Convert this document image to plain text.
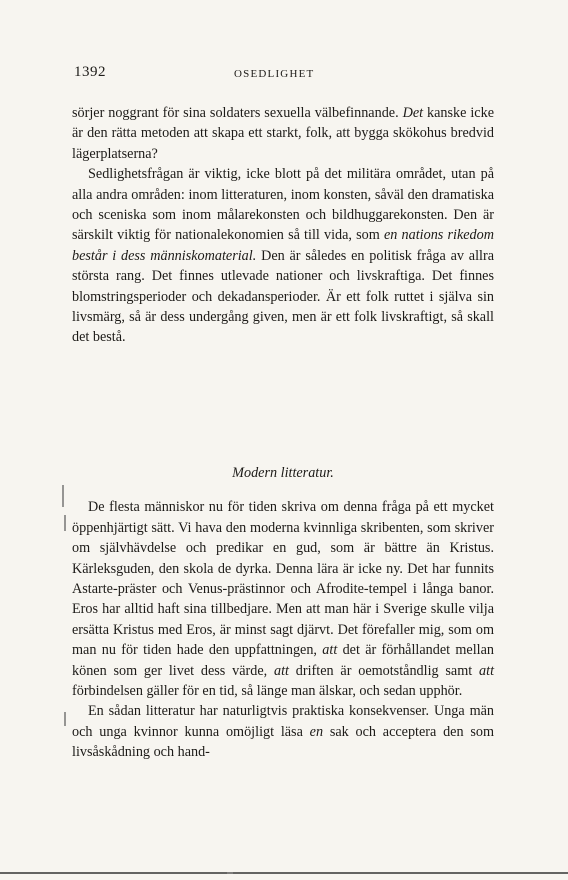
1392	OSEDLIGHET

sörjer noggrant för sina soldaters sexuella välbefinnande. Det kanske icke är den rätta metoden att skapa ett starkt, folk, att bygga skökohus bredvid lägerplatserna?

Sedlighetsfrågan är viktig, icke blott på det militära området, utan på alla andra områden: inom litteraturen, inom konsten, såväl den dramatiska och sceniska som inom målarekonsten och bildhuggarekonsten. Den är särskilt viktig för nationalekonomien så till vida, som en nations rikedom består i dess människomaterial. Den är således en politisk fråga av allra största rang. Det finnes utlevade nationer och livskraftiga. Det finnes blomstringsperioder och dekadansperioder. Är ett folk ruttet i själva sin livsmärg, så är dess undergång given, men är ett folk livskraftigt, så skall det bestå.

Modern litteratur.

De flesta människor nu för tiden skriva om denna fråga på ett mycket öppenhjärtigt sätt. Vi hava den moderna kvinnliga skribenten, som skriver om självhävdelse och predikar en gud, som är bättre än Kristus. Kärleksguden, den skola de dyrka. Denna lära är icke ny. Det har funnits Astarte-präster och Venus-prästinnor och Afrodite-tempel i långa banor. Eros har alltid haft sina tillbedjare. Men att man här i Sverige skulle vilja ersätta Kristus med Eros, är minst sagt djärvt. Det förefaller mig, som om man nu för tiden hade den uppfattningen, att det är förhållandet mellan könen som ger livet dess värde, att driften är oemotståndlig samt att förbindelsen gäller för en tid, så länge man älskar, och sedan upphör.

En sådan litteratur har naturligtvis praktiska konsekvenser. Unga män och unga kvinnor kunna omöjligt läsa en sak och acceptera den som livsåskådning och hand-
